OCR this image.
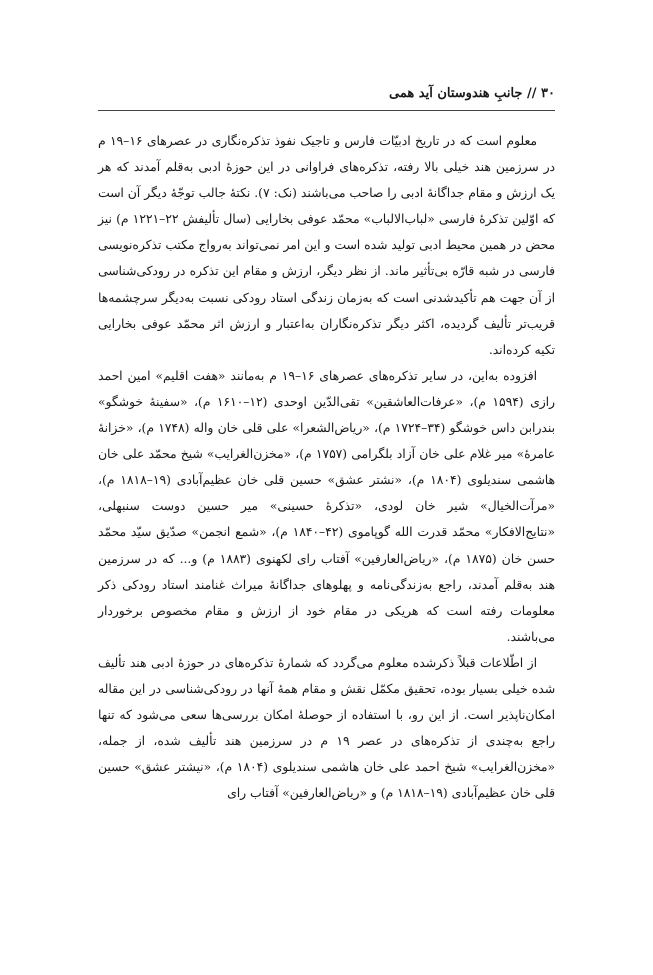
۳۰ // جانبِ هندوستان آید همی

معلوم است که در تاریخ ادبیّات فارس و تاجیک نفوذ تذکره‌نگاری در عصرهای ۱۶–۱۹ م در سرزمین هند خیلی بالا رفته، تذکره‌های فراوانی در این حوزۀ ادبی به‌قلم آمدند که هر یک ارزش و مقام جداگانۀ ادبی را صاحب می‌باشند (نک: ۷). نکتۀ جالب توجّۀ دیگر آن است که اوّلین تذکرۀ فارسی «لباب‌الالباب» محمّد عوفی بخارایی (سال تألیفش ۲۲–۱۲۲۱ م) نیز محض در همین محیط ادبی تولید شده است و این امر نمی‌تواند به‌رواج مکتب تذکره‌نویسی فارسی در شبه قارّه بی‌تأثیر ماند. از نظر دیگر، ارزش و مقام این تذکره در رودکی‌شناسی از آن جهت هم تأکیدشدنی است که به‌زمان زندگی استاد رودکی نسبت به‌دیگر سرچشمه‌ها قریب‌تر تألیف گردیده، اکثر دیگر تذکره‌نگاران به‌اعتبار و ارزش اثر محمّد عوفی بخارایی تکیه کرده‌اند.

افزوده به‌این، در سایر تذکره‌های عصرهای ۱۶–۱۹ م به‌مانند «هفت اقلیم» امین احمد رازی (۱۵۹۴ م)، «عرفات‌العاشقین» تقی‌الدّین اوحدی (۱۲–۱۶۱۰ م)، «سفینۀ خوشگو» بندرابن داس خوشگو (۳۴–۱۷۲۴ م)، «ریاض‌الشعرا» علی قلی خان واله (۱۷۴۸ م)، «خزانۀ عامرۀ» میر غلام علی خان آزاد بلگرامی (۱۷۵۷ م)، «مخزن‌الغرایب» شیخ محمّد علی خان هاشمی سندیلوی (۱۸۰۴ م)، «نشتر عشق» حسین قلی خان عظیم‌آبادی (۱۹–۱۸۱۸ م)، «مرآت‌الخیال» شیر خان لودی، «تذکرۀ حسینی» میر حسین دوست سنبهلی، «نتایج‌الافکار» محمّد قدرت الله گوپاموی (۴۲–۱۸۴۰ م)، «شمع انجمن» صدّیق سیّد محمّد حسن خان (۱۸۷۵ م)، «ریاض‌العارفین» آفتاب رای لکهنوی (۱۸۸۳ م) و... که در سرزمین هند به‌قلم آمدند، راجع به‌زندگی‌نامه و پهلوهای جداگانۀ میراث غنامند استاد رودکی ذکر معلومات رفته است که هریکی در مقام خود از ارزش و مقام مخصوص برخوردار می‌باشند.

از اطّلاعات قبلاً ذکرشده معلوم می‌گردد که شمارۀ تذکره‌های در حوزۀ ادبی هند تألیف شده خیلی بسیار بوده، تحقیق مکمّل نقش و مقام همۀ آنها در رودکی‌شناسی در این مقاله امکان‌ناپذیر است. از این رو، با استفاده از حوصلۀ امکان بررسی‌ها سعی می‌شود که تنها راجع به‌چندی از تذکره‌های در عصر ۱۹ م در سرزمین هند تألیف شده، از جمله، «مخزن‌الغرایب» شیخ احمد علی خان هاشمی سندیلوی (۱۸۰۴ م)، «نیشتر عشق» حسین قلی خان عظیم‌آبادی (۱۹–۱۸۱۸ م) و «ریاض‌العارفین» آفتاب رای
